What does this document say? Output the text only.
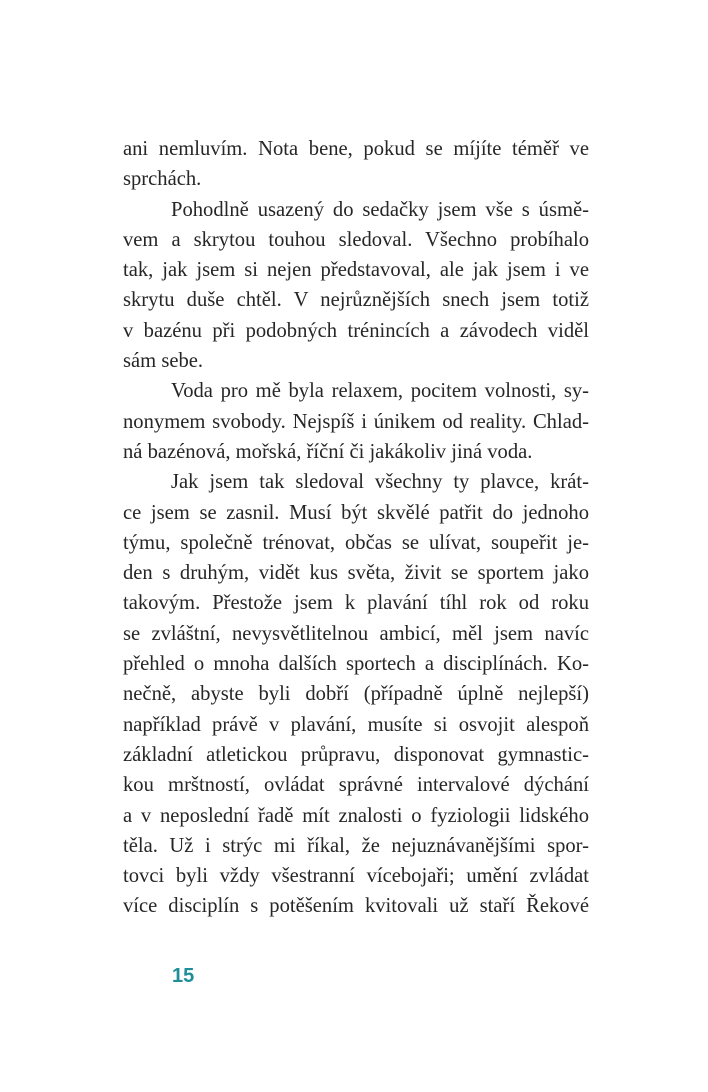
ani nemluvím. Nota bene, pokud se míjíte téměř ve
sprchách.
Pohodlně usazený do sedačky jsem vše s úsmě-
vem a skrytou touhou sledoval. Všechno probíhalo
tak, jak jsem si nejen představoval, ale jak jsem i ve
skrytu duše chtěl. V nejrůznějších snech jsem totiž
v bazénu při podobných trénincích a závodech viděl
sám sebe.
Voda pro mě byla relaxem, pocitem volnosti, sy-
nonymem svobody. Nejspíš i únikem od reality. Chlad-
ná bazénová, mořská, říční či jakákoliv jiná voda.
Jak jsem tak sledoval všechny ty plavce, krát-
ce jsem se zasnil. Musí být skvělé patřit do jednoho
týmu, společně trénovat, občas se ulívat, soupeřit je-
den s druhým, vidět kus světa, živit se sportem jako
takovým. Přestože jsem k plavání tíhl rok od roku
se zvláštní, nevysvětlitelnou ambicí, měl jsem navíc
přehled o mnoha dalších sportech a disciplínách. Ko-
nečně, abyste byli dobří (případně úplně nejlepší)
například právě v plavání, musíte si osvojit alespoň
základní atletickou průpravu, disponovat gymnastic-
kou mrštností, ovládat správné intervalové dýchání
a v neposlední řadě mít znalosti o fyziologii lidského
těla. Už i strýc mi říkal, že nejuznávanějšími spor-
tovci byli vždy všestranní vícebojaři; umění zvládat
více disciplín s potěšením kvitovali už staří Řekové
15
